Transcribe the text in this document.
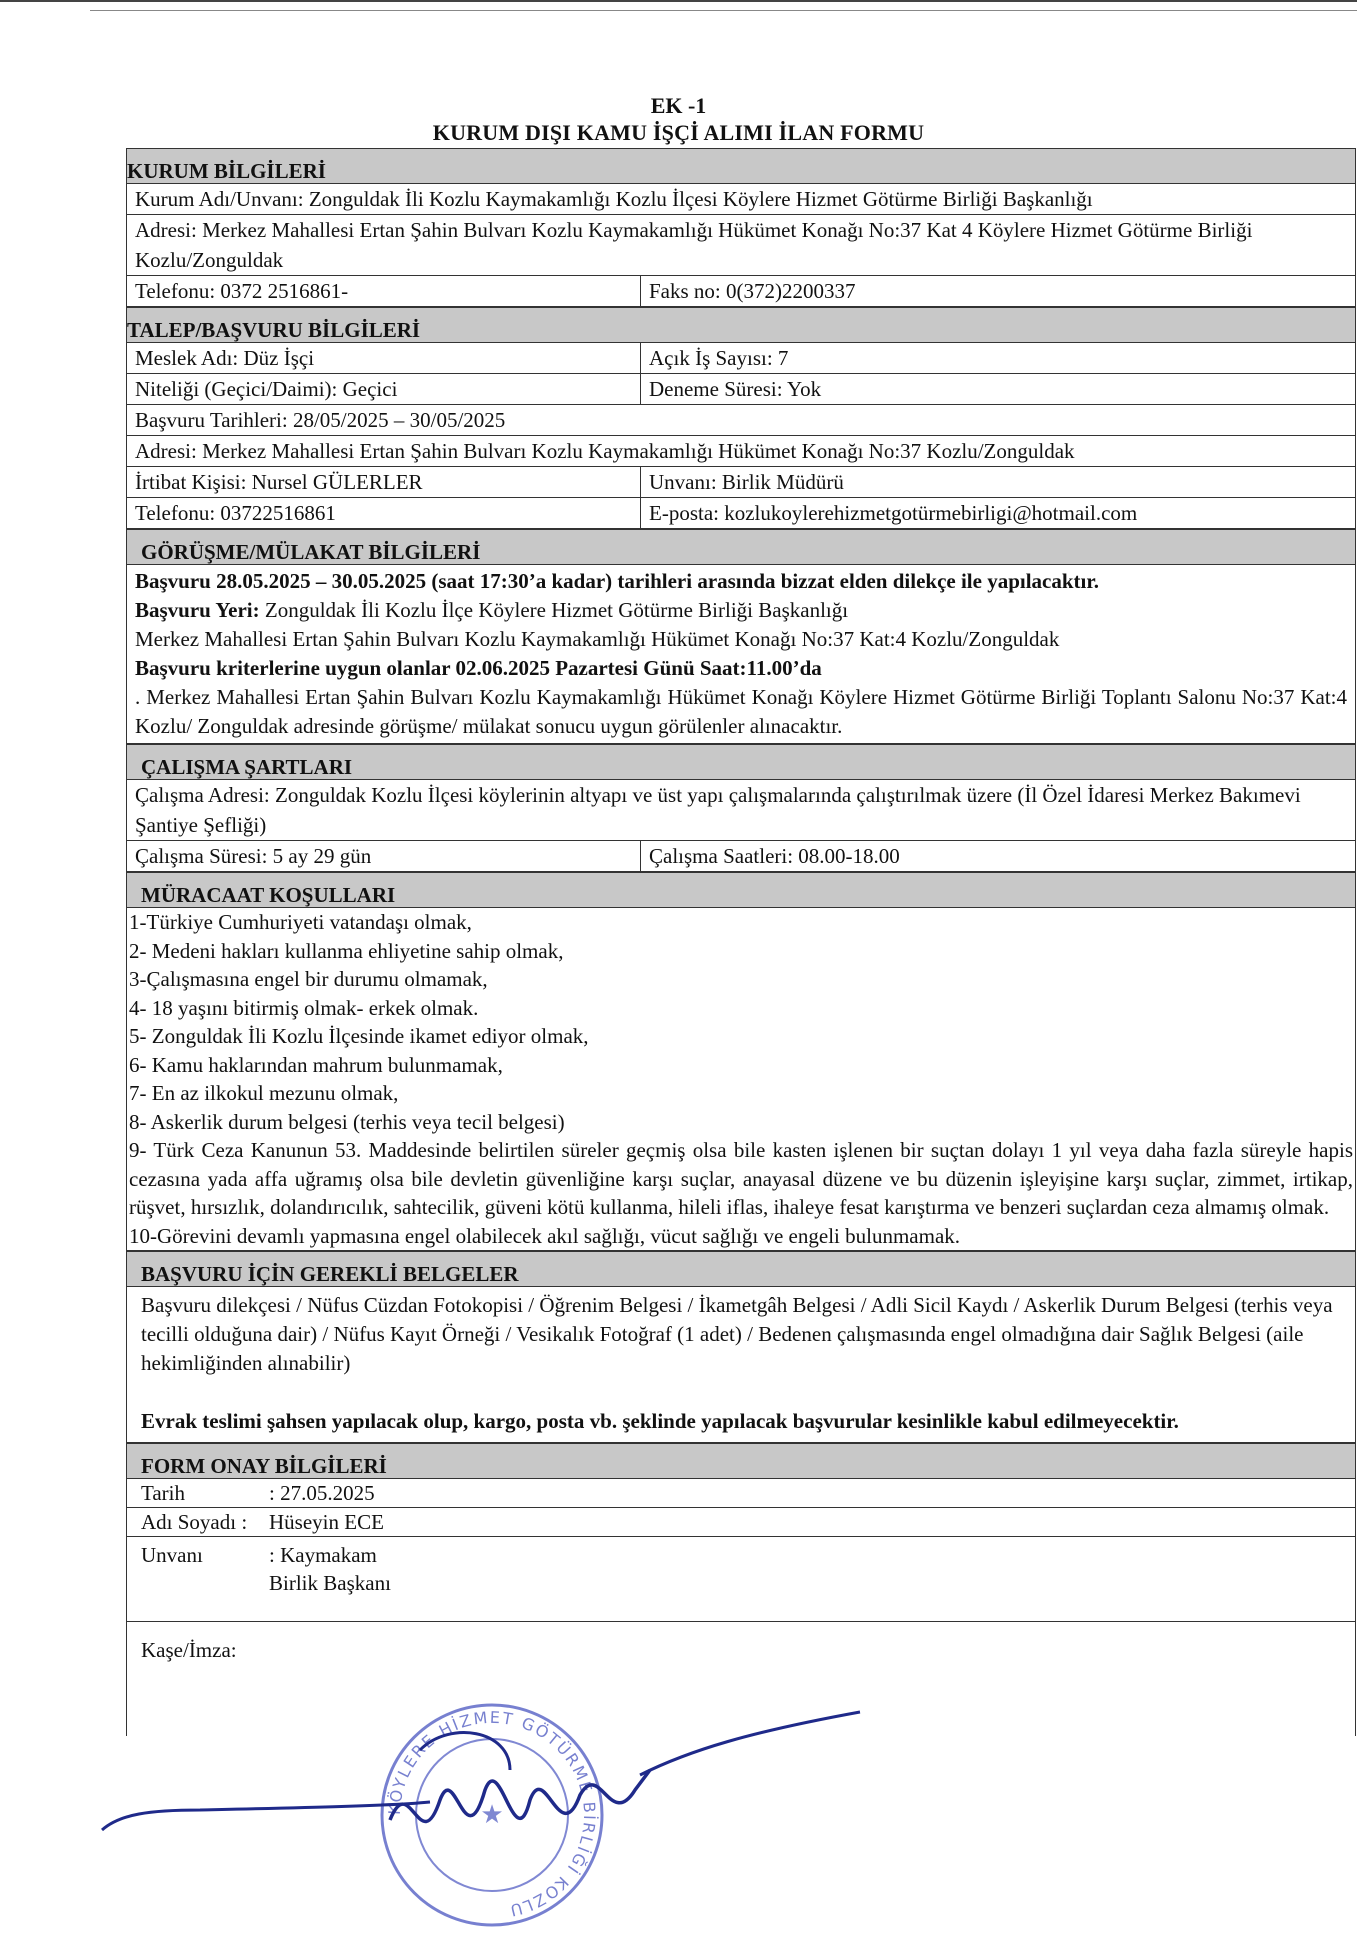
EK -1
KURUM DIŞI KAMU İŞÇİ ALIMI İLAN FORMU
KURUM BİLGİLERİ
Kurum Adı/Unvanı: Zonguldak İli Kozlu Kaymakamlığı Kozlu İlçesi Köylere Hizmet Götürme Birliği Başkanlığı
Adresi: Merkez Mahallesi Ertan Şahin Bulvarı Kozlu Kaymakamlığı Hükümet Konağı No:37 Kat 4 Köylere Hizmet Götürme Birliği Kozlu/Zonguldak
Telefonu: 0372 2516861-	Faks no: 0(372)2200337
TALEP/BAŞVURU BİLGİLERİ
Meslek Adı: Düz İşçi	Açık İş Sayısı: 7
Niteliği (Geçici/Daimi): Geçici	Deneme Süresi: Yok
Başvuru Tarihleri: 28/05/2025 – 30/05/2025
Adresi: Merkez Mahallesi Ertan Şahin Bulvarı Kozlu Kaymakamlığı Hükümet Konağı No:37 Kozlu/Zonguldak
İrtibat Kişisi: Nursel GÜLERLER	Unvanı: Birlik Müdürü
Telefonu: 03722516861	E-posta: kozlukoylerehizmetgotürmebirligi@hotmail.com
GÖRÜŞME/MÜLAKAT BİLGİLERİ

Başvuru 28.05.2025 – 30.05.2025 (saat 17:30’a kadar) tarihleri arasında bizzat elden dilekçe ile yapılacaktır.

Başvuru Yeri: Zonguldak İli Kozlu İlçe Köylere Hizmet Götürme Birliği Başkanlığı

Merkez Mahallesi Ertan Şahin Bulvarı Kozlu Kaymakamlığı Hükümet Konağı No:37 Kat:4 Kozlu/Zonguldak

Başvuru kriterlerine uygun olanlar 02.06.2025 Pazartesi Günü Saat:11.00’da

. Merkez Mahallesi Ertan Şahin Bulvarı Kozlu Kaymakamlığı Hükümet Konağı Köylere Hizmet Götürme Birliği Toplantı Salonu No:37 Kat:4 Kozlu/ Zonguldak adresinde görüşme/ mülakat sonucu uygun görülenler alınacaktır.

ÇALIŞMA ŞARTLARI
Çalışma Adresi: Zonguldak Kozlu İlçesi köylerinin altyapı ve üst yapı çalışmalarında çalıştırılmak üzere (İl Özel İdaresi Merkez Bakımevi Şantiye Şefliği)
Çalışma Süresi: 5 ay 29 gün	Çalışma Saatleri: 08.00-18.00
MÜRACAAT KOŞULLARI

1-Türkiye Cumhuriyeti vatandaşı olmak,

2- Medeni hakları kullanma ehliyetine sahip olmak,

3-Çalışmasına engel bir durumu olmamak,

4- 18 yaşını bitirmiş olmak- erkek olmak.

5- Zonguldak İli Kozlu İlçesinde ikamet ediyor olmak,

6- Kamu haklarından mahrum bulunmamak,

7- En az ilkokul mezunu olmak,

8- Askerlik durum belgesi (terhis veya tecil belgesi)

9- Türk Ceza Kanunun 53. Maddesinde belirtilen süreler geçmiş olsa bile kasten işlenen bir suçtan dolayı 1 yıl veya daha fazla süreyle hapis cezasına yada affa uğramış olsa bile devletin güvenliğine karşı suçlar, anayasal düzene ve bu düzenin işleyişine karşı suçlar, zimmet, irtikap, rüşvet, hırsızlık, dolandırıcılık, sahtecilik, güveni kötü kullanma, hileli iflas, ihaleye fesat karıştırma ve benzeri suçlardan ceza almamış olmak.

10-Görevini devamlı yapmasına engel olabilecek akıl sağlığı, vücut sağlığı ve engeli bulunmamak.

BAŞVURU İÇİN GEREKLİ BELGELER

Başvuru dilekçesi / Nüfus Cüzdan Fotokopisi / Öğrenim Belgesi / İkametgâh Belgesi / Adli Sicil Kaydı / Askerlik Durum Belgesi (terhis veya tecilli olduğuna dair) / Nüfus Kayıt Örneği / Vesikalık Fotoğraf (1 adet) / Bedenen çalışmasında engel olmadığına dair Sağlık Belgesi (aile hekimliğinden alınabilir)

Evrak teslimi şahsen yapılacak olup, kargo, posta vb. şeklinde yapılacak başvurular kesinlikle kabul edilmeyecektir.

FORM ONAY BİLGİLERİ
Tarih	: 27.05.2025
Adı Soyadı :	Hüseyin ECE
Unvanı	: Kaymakam
Birlik Başkanı
Kaşe/İmza:
KÖYLERE HİZMET GÖTÜRME BİRLİĞİ KOZLU
★
